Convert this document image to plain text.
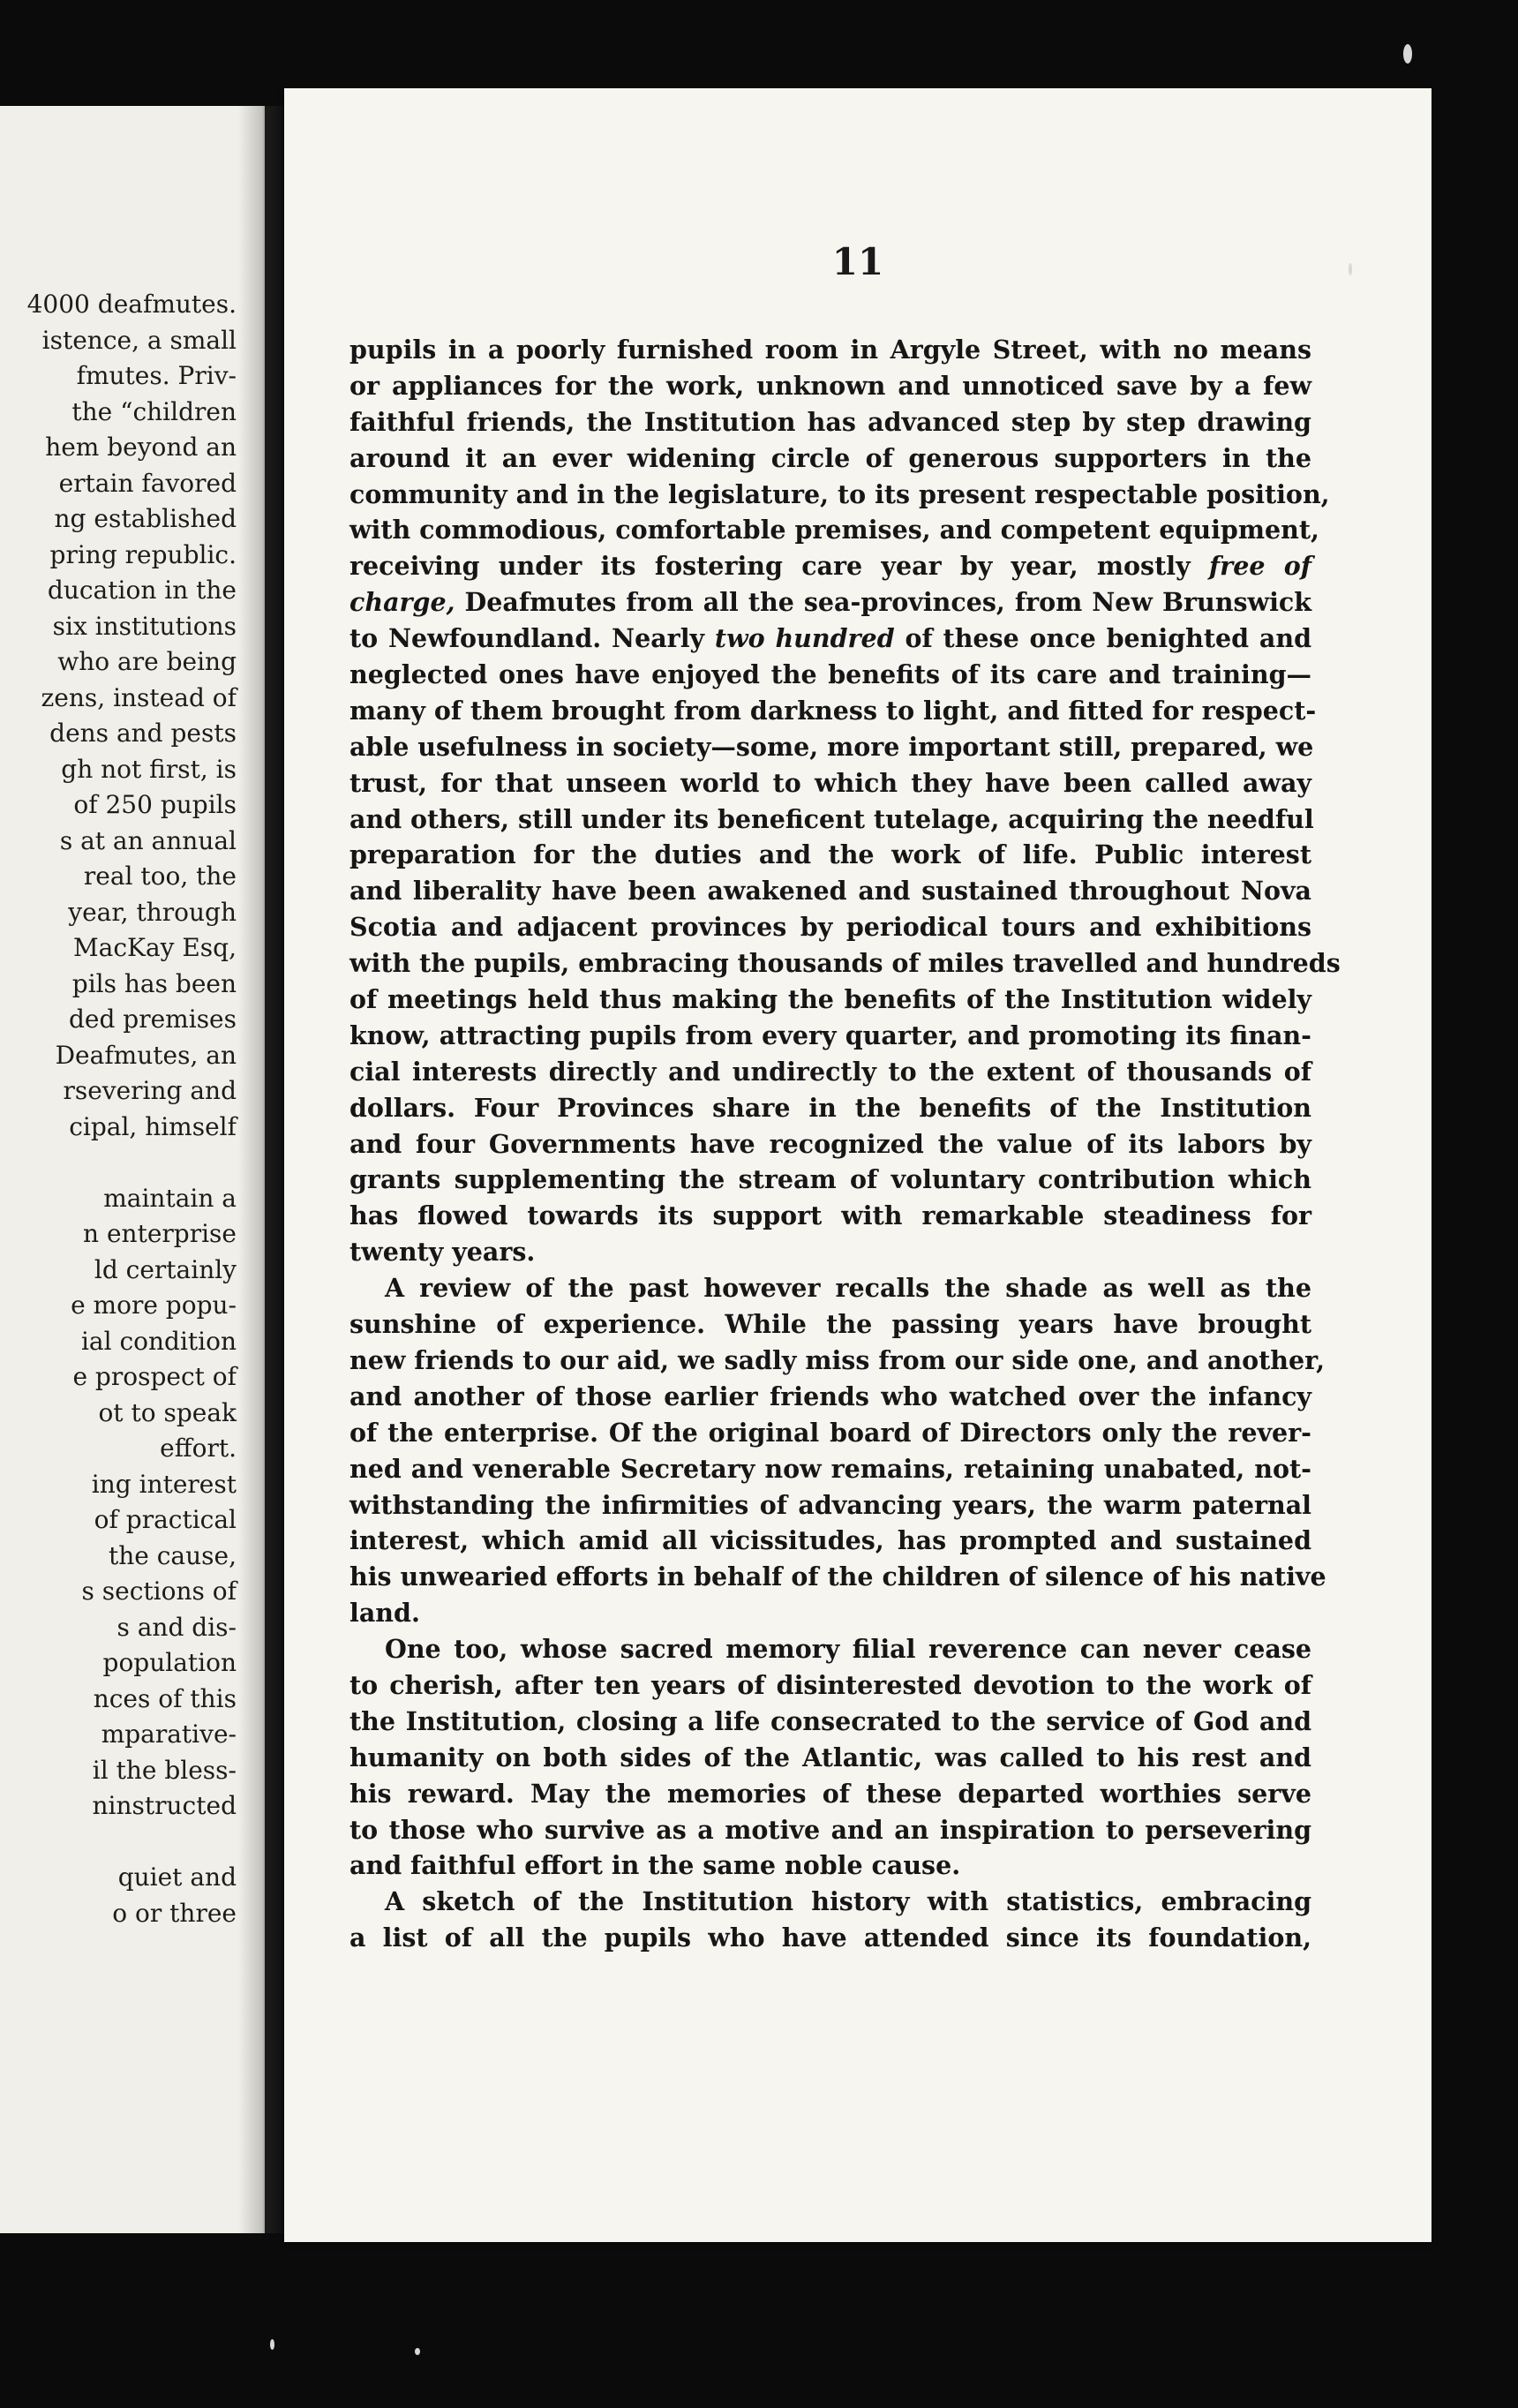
4000 deafmutes.
istence, a small
fmutes. Priv-
the “children
hem beyond an
ertain favored
ng established
pring republic.
ducation in the
six institutions
who are being
zens, instead of
dens and pests
gh not first, is
of 250 pupils
s at an annual
real too, the
year, through
MacKay Esq,
pils has been
ded premises
Deafmutes, an
rsevering and
cipal, himself
maintain a
n enterprise
ld certainly
e more popu-
ial condition
e prospect of
ot to speak
effort.
ing interest
of practical
the cause,
s sections of
s and dis-
population
nces of this
mparative-
il the bless-
ninstructed
quiet and
o or three
11
pupils in a poorly furnished room in Argyle Street, with no means
or appliances for the work, unknown and unnoticed save by a few
faithful friends, the Institution has advanced step by step drawing
around it an ever widening circle of generous supporters in the
community and in the legislature, to its present respectable position,
with commodious, comfortable premises, and competent equipment,
receiving under its fostering care year by year, mostly free of
charge, Deafmutes from all the sea-provinces, from New Brunswick
to Newfoundland. Nearly two hundred of these once benighted and
neglected ones have enjoyed the benefits of its care and training—
many of them brought from darkness to light, and fitted for respect-
able usefulness in society—some, more important still, prepared, we
trust, for that unseen world to which they have been called away
and others, still under its beneficent tutelage, acquiring the needful
preparation for the duties and the work of life. Public interest
and liberality have been awakened and sustained throughout Nova
Scotia and adjacent provinces by periodical tours and exhibitions
with the pupils, embracing thousands of miles travelled and hundreds
of meetings held thus making the benefits of the Institution widely
know, attracting pupils from every quarter, and promoting its finan-
cial interests directly and undirectly to the extent of thousands of
dollars. Four Provinces share in the benefits of the Institution
and four Governments have recognized the value of its labors by
grants supplementing the stream of voluntary contribution which
has flowed towards its support with remarkable steadiness for
twenty years.
A review of the past however recalls the shade as well as the
sunshine of experience. While the passing years have brought
new friends to our aid, we sadly miss from our side one, and another,
and another of those earlier friends who watched over the infancy
of the enterprise. Of the original board of Directors only the rever-
ned and venerable Secretary now remains, retaining unabated, not-
withstanding the infirmities of advancing years, the warm paternal
interest, which amid all vicissitudes, has prompted and sustained
his unwearied efforts in behalf of the children of silence of his native
land.
One too, whose sacred memory filial reverence can never cease
to cherish, after ten years of disinterested devotion to the work of
the Institution, closing a life consecrated to the service of God and
humanity on both sides of the Atlantic, was called to his rest and
his reward. May the memories of these departed worthies serve
to those who survive as a motive and an inspiration to persevering
and faithful effort in the same noble cause.
A sketch of the Institution history with statistics, embracing
a list of all the pupils who have attended since its foundation,
